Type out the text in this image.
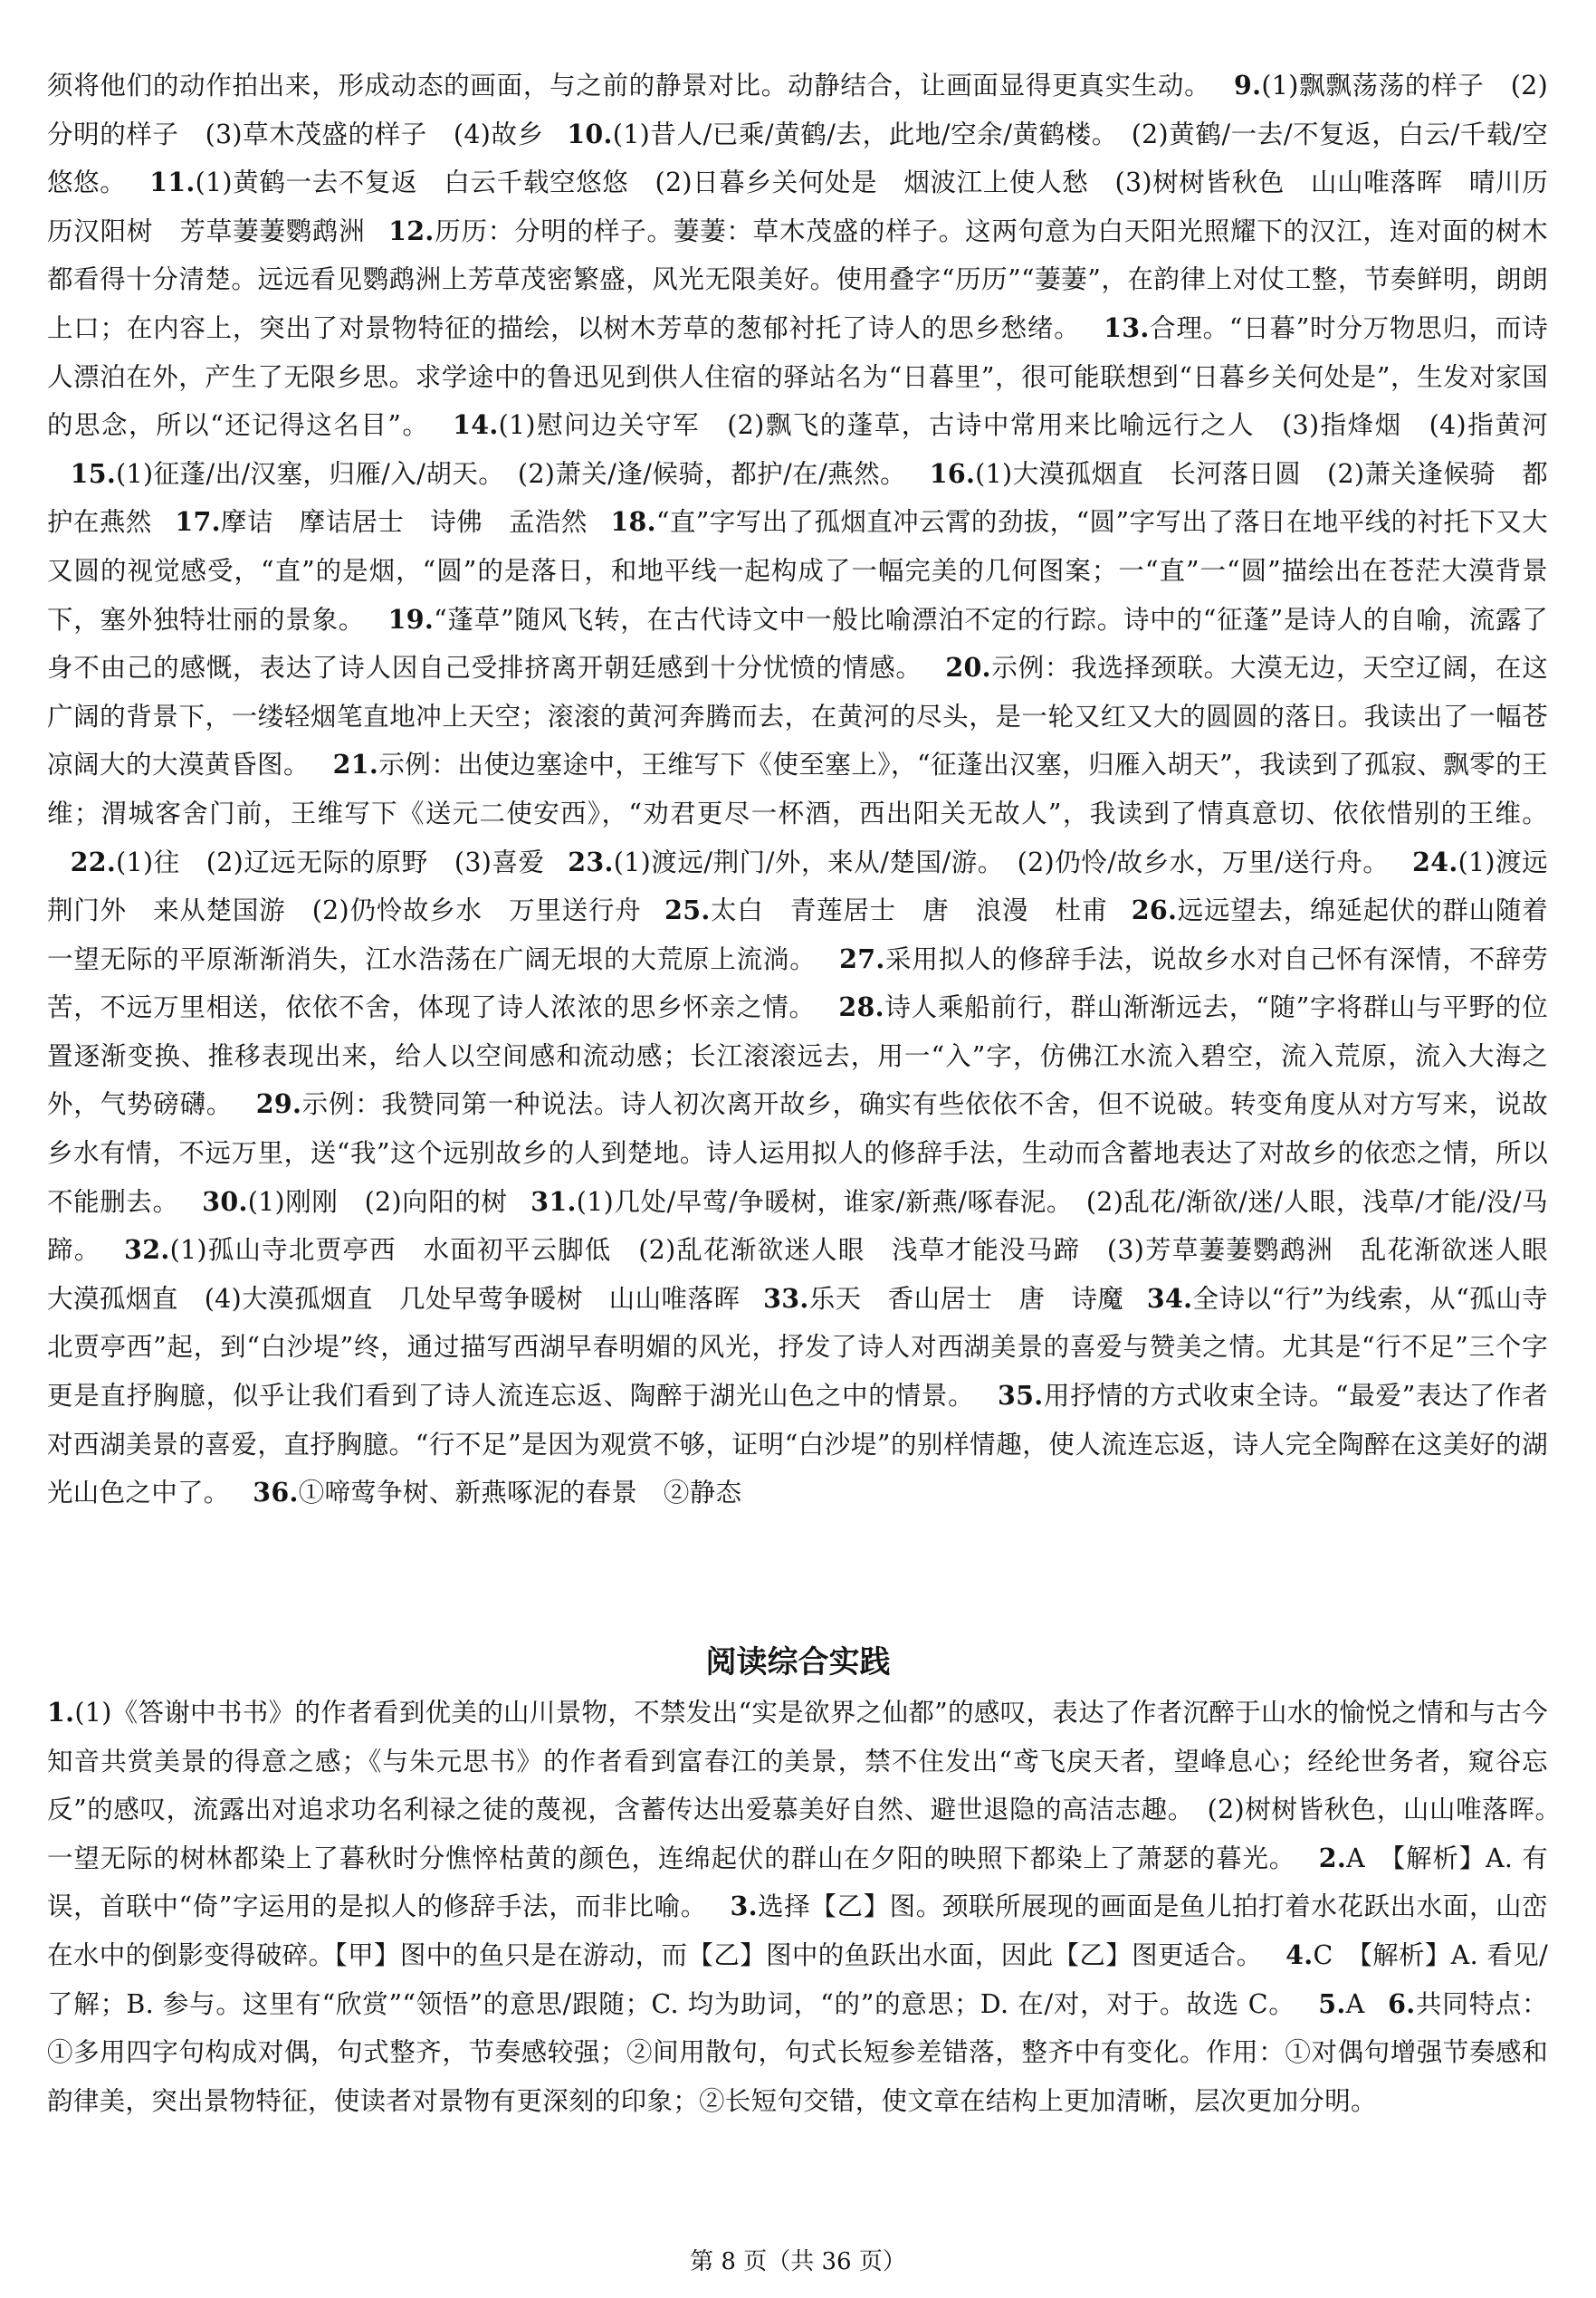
须将他们的动作拍出来，形成动态的画面，与之前的静景对比。动静结合，让画面显得更真实生动。 9.(1)飘飘荡荡的样子　(2)分明的样子　(3)草木茂盛的样子　(4)故乡 10.(1)昔人/已乘/黄鹤/去，此地/空余/黄鹤楼。　(2)黄鹤/一去/不复返，白云/千载/空悠悠。 11.(1)黄鹤一去不复返　白云千载空悠悠　(2)日暮乡关何处是　烟波江上使人愁　(3)树树皆秋色　山山唯落晖　晴川历历汉阳树　芳草萋萋鹦鹉洲 12.历历：分明的样子。萋萋：草木茂盛的样子。这两句意为白天阳光照耀下的汉江，连对面的树木都看得十分清楚。远远看见鹦鹉洲上芳草茂密繁盛，风光无限美好。使用叠字“历历”“萋萋”，在韵律上对仗工整，节奏鲜明，朗朗上口；在内容上，突出了对景物特征的描绘，以树木芳草的葱郁衬托了诗人的思乡愁绪。 13.合理。“日暮”时分万物思归，而诗人漂泊在外，产生了无限乡思。求学途中的鲁迅见到供人住宿的驿站名为“日暮里”，很可能联想到“日暮乡关何处是”，生发对家国的思念，所以“还记得这名目”。 14.(1)慰问边关守军　(2)飘飞的蓬草，古诗中常用来比喻远行之人　(3)指烽烟　(4)指黄河15.(1)征蓬/出/汉塞，归雁/入/胡天。　(2)萧关/逢/候骑，都护/在/燕然。 16.(1)大漠孤烟直　长河落日圆　(2)萧关逢候骑　都护在燕然 17.摩诘　摩诘居士　诗佛　孟浩然 18.“直”字写出了孤烟直冲云霄的劲拔，“圆”字写出了落日在地平线的衬托下又大又圆的视觉感受，“直”的是烟，“圆”的是落日，和地平线一起构成了一幅完美的几何图案；一“直”一“圆”描绘出在苍茫大漠背景下，塞外独特壮丽的景象。 19.“蓬草”随风飞转，在古代诗文中一般比喻漂泊不定的行踪。诗中的“征蓬”是诗人的自喻，流露了身不由己的感慨，表达了诗人因自己受排挤离开朝廷感到十分忧愤的情感。 20.示例：我选择颈联。大漠无边，天空辽阔，在这广阔的背景下，一缕轻烟笔直地冲上天空；滚滚的黄河奔腾而去，在黄河的尽头，是一轮又红又大的圆圆的落日。我读出了一幅苍凉阔大的大漠黄昏图。 21.示例：出使边塞途中，王维写下《使至塞上》，“征蓬出汉塞，归雁入胡天”，我读到了孤寂、飘零的王维；渭城客舍门前，王维写下《送元二使安西》，“劝君更尽一杯酒，西出阳关无故人”，我读到了情真意切、依依惜别的王维。22.(1)往　(2)辽远无际的原野　(3)喜爱 23.(1)渡远/荆门/外，来从/楚国/游。　(2)仍怜/故乡水，万里/送行舟。 24.(1)渡远荆门外　来从楚国游　(2)仍怜故乡水　万里送行舟 25.太白　青莲居士　唐　浪漫　杜甫 26.远远望去，绵延起伏的群山随着一望无际的平原渐渐消失，江水浩荡在广阔无垠的大荒原上流淌。 27.采用拟人的修辞手法，说故乡水对自己怀有深情，不辞劳苦，不远万里相送，依依不舍，体现了诗人浓浓的思乡怀亲之情。 28.诗人乘船前行，群山渐渐远去，“随”字将群山与平野的位置逐渐变换、推移表现出来，给人以空间感和流动感；长江滚滚远去，用一“入”字，仿佛江水流入碧空，流入荒原，流入大海之外，气势磅礴。 29.示例：我赞同第一种说法。诗人初次离开故乡，确实有些依依不舍，但不说破。转变角度从对方写来，说故乡水有情，不远万里，送“我”这个远别故乡的人到楚地。诗人运用拟人的修辞手法，生动而含蓄地表达了对故乡的依恋之情，所以不能删去。 30.(1)刚刚　(2)向阳的树 31.(1)几处/早莺/争暖树，谁家/新燕/啄春泥。　(2)乱花/渐欲/迷/人眼，浅草/才能/没/马蹄。 32.(1)孤山寺北贾亭西　水面初平云脚低　(2)乱花渐欲迷人眼　浅草才能没马蹄　(3)芳草萋萋鹦鹉洲　乱花渐欲迷人眼　大漠孤烟直　(4)大漠孤烟直　几处早莺争暖树　山山唯落晖 33.乐天　香山居士　唐　诗魔 34.全诗以“行”为线索，从“孤山寺北贾亭西”起，到“白沙堤”终，通过描写西湖早春明媚的风光，抒发了诗人对西湖美景的喜爱与赞美之情。尤其是“行不足”三个字更是直抒胸臆，似乎让我们看到了诗人流连忘返、陶醉于湖光山色之中的情景。 35.用抒情的方式收束全诗。“最爱”表达了作者对西湖美景的喜爱，直抒胸臆。“行不足”是因为观赏不够，证明“白沙堤”的别样情趣，使人流连忘返，诗人完全陶醉在这美好的湖光山色之中了。 36.①啼莺争树、新燕啄泥的春景　②静态

阅读综合实践

1.(1)《答谢中书书》的作者看到优美的山川景物，不禁发出“实是欲界之仙都”的感叹，表达了作者沉醉于山水的愉悦之情和与古今知音共赏美景的得意之感；《与朱元思书》的作者看到富春江的美景，禁不住发出“鸢飞戾天者，望峰息心；经纶世务者，窥谷忘反”的感叹，流露出对追求功名利禄之徒的蔑视，含蓄传达出爱慕美好自然、避世退隐的高洁志趣。　(2)树树皆秋色，山山唯落晖。　一望无际的树林都染上了暮秋时分憔悴枯黄的颜色，连绵起伏的群山在夕阳的映照下都染上了萧瑟的暮光。 2.A　【解析】A. 有误，首联中“倚”字运用的是拟人的修辞手法，而非比喻。 3.选择【乙】图。颈联所展现的画面是鱼儿拍打着水花跃出水面，山峦在水中的倒影变得破碎。【甲】图中的鱼只是在游动，而【乙】图中的鱼跃出水面，因此【乙】图更适合。 4.C　【解析】A. 看见/了解；B. 参与。这里有“欣赏”“领悟”的意思/跟随；C. 均为助词，“的”的意思；D. 在/对，对于。故选 C。 5.A 6.共同特点：①多用四字句构成对偶，句式整齐，节奏感较强；②间用散句，句式长短参差错落，整齐中有变化。作用：①对偶句增强节奏感和韵律美，突出景物特征，使读者对景物有更深刻的印象；②长短句交错，使文章在结构上更加清晰，层次更加分明。

第 8 页（共 36 页）
